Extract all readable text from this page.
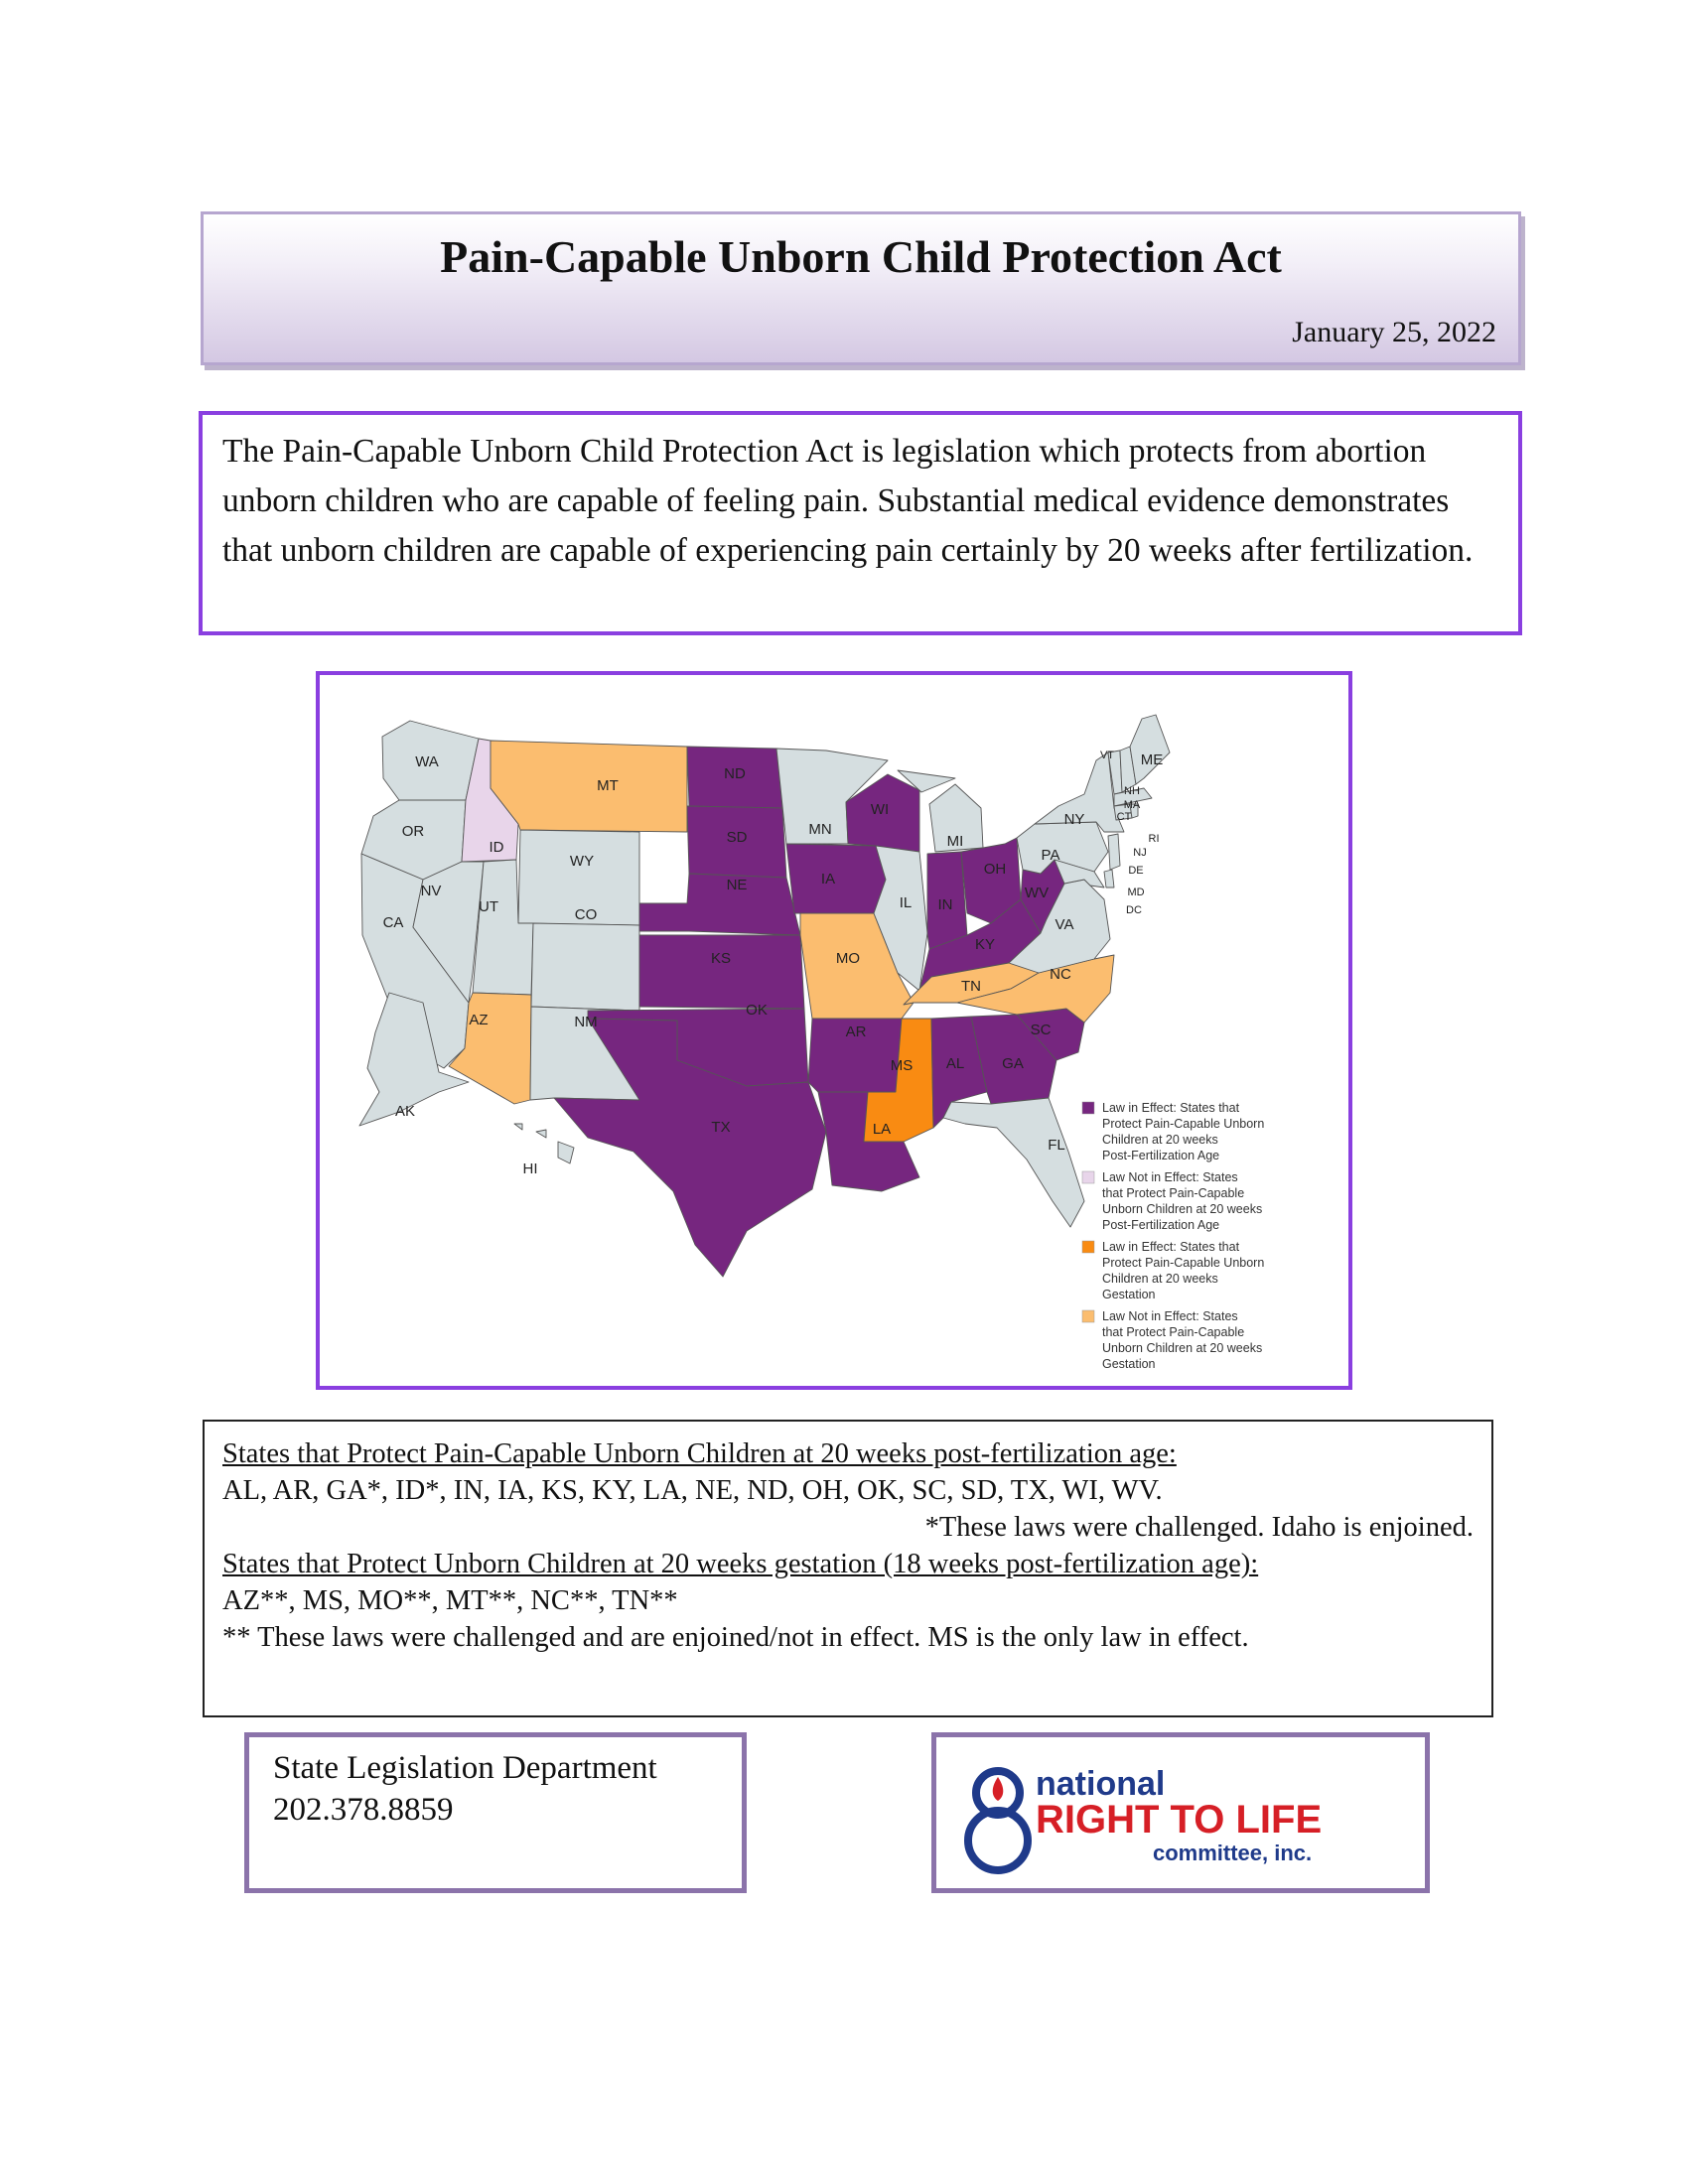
Pain-Capable Unborn Child Protection Act
January 25, 2022
The Pain-Capable Unborn Child Protection Act is legislation which protects from abortion unborn children who are capable of feeling pain. Substantial medical evidence demonstrates that unborn children are capable of experiencing pain certainly by 20 weeks after fertilization.
WA
OR
ID
MT
ND
SD	MN
WI
MI
NY
VT ME
NH
MA
CT
RI
NJ
PA
DE
MD
DC
CA
NV
UT
WY
CO
NE	IA
IL IN
OH
WV
VA
KS	MO
KY
TN
NC
AZ	NM
OK
AR
MS AL	GA
SC
TX	LA
FL
AK
HI
Law in Effect: States that Protect Pain-Capable Unborn Children at 20 weeks Post-Fertilization Age
Law Not in Effect: States that Protect Pain-Capable Unborn Children at 20 weeks Post-Fertilization Age
Law in Effect: States that Protect Pain-Capable Unborn Children at 20 weeks Gestation
Law Not in Effect: States that Protect Pain-Capable Unborn Children at 20 weeks Gestation
States that Protect Pain-Capable Unborn Children at 20 weeks post-fertilization age:
AL, AR, GA*, ID*, IN, IA, KS, KY, LA, NE, ND, OH, OK, SC, SD, TX, WI, WV.
*These laws were challenged. Idaho is enjoined.
States that Protect Unborn Children at 20 weeks gestation (18 weeks post-fertilization age):
AZ**, MS, MO**, MT**, NC**, TN**
** These laws were challenged and are enjoined/not in effect. MS is the only law in effect.
State Legislation Department
202.378.8859
national
RIGHT TO LIFE
committee, inc.
